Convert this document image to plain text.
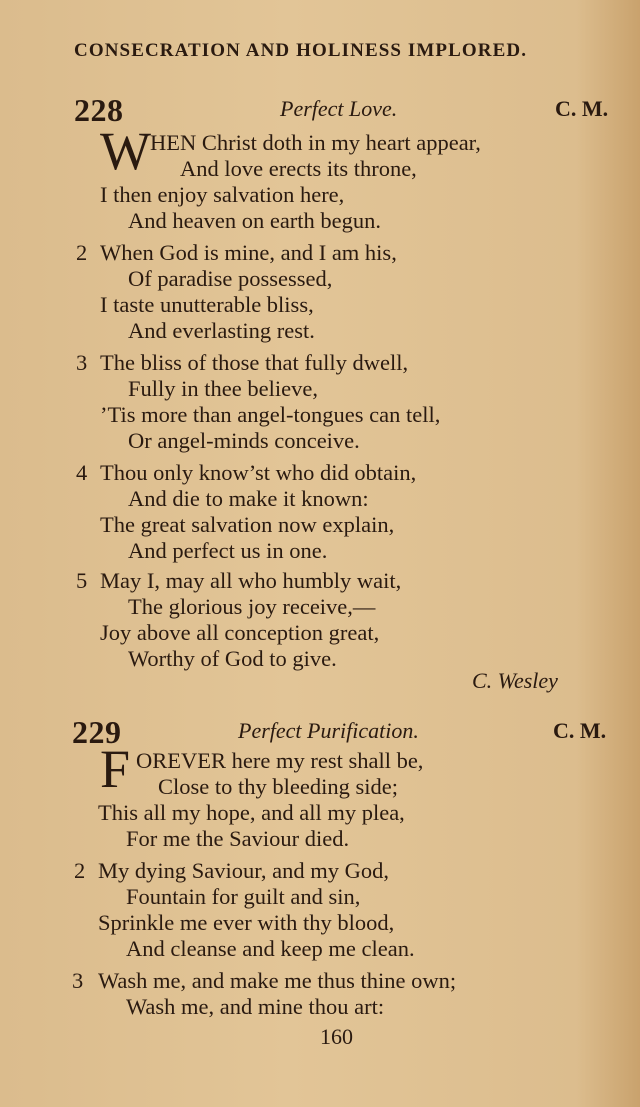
CONSECRATION AND HOLINESS IMPLORED.
228	Perfect Love.	C. M.
W HEN Christ doth in my heart appear,
And love erects its throne,
I then enjoy salvation here,
And heaven on earth begun.
2 When God is mine, and I am his,
Of paradise possessed,
I taste unutterable bliss,
And everlasting rest.
3 The bliss of those that fully dwell,
Fully in thee believe,
’Tis more than angel-tongues can tell,
Or angel-minds conceive.
4 Thou only know’st who did obtain,
And die to make it known:
The great salvation now explain,
And perfect us in one.
5 May I, may all who humbly wait,
The glorious joy receive,—
Joy above all conception great,
Worthy of God to give.
C. Wesley
229	Perfect Purification.	C. M.
F OREVER here my rest shall be,
Close to thy bleeding side;
This all my hope, and all my plea,
For me the Saviour died.
2 My dying Saviour, and my God,
Fountain for guilt and sin,
Sprinkle me ever with thy blood,
And cleanse and keep me clean.
3 Wash me, and make me thus thine own;
Wash me, and mine thou art:
160
